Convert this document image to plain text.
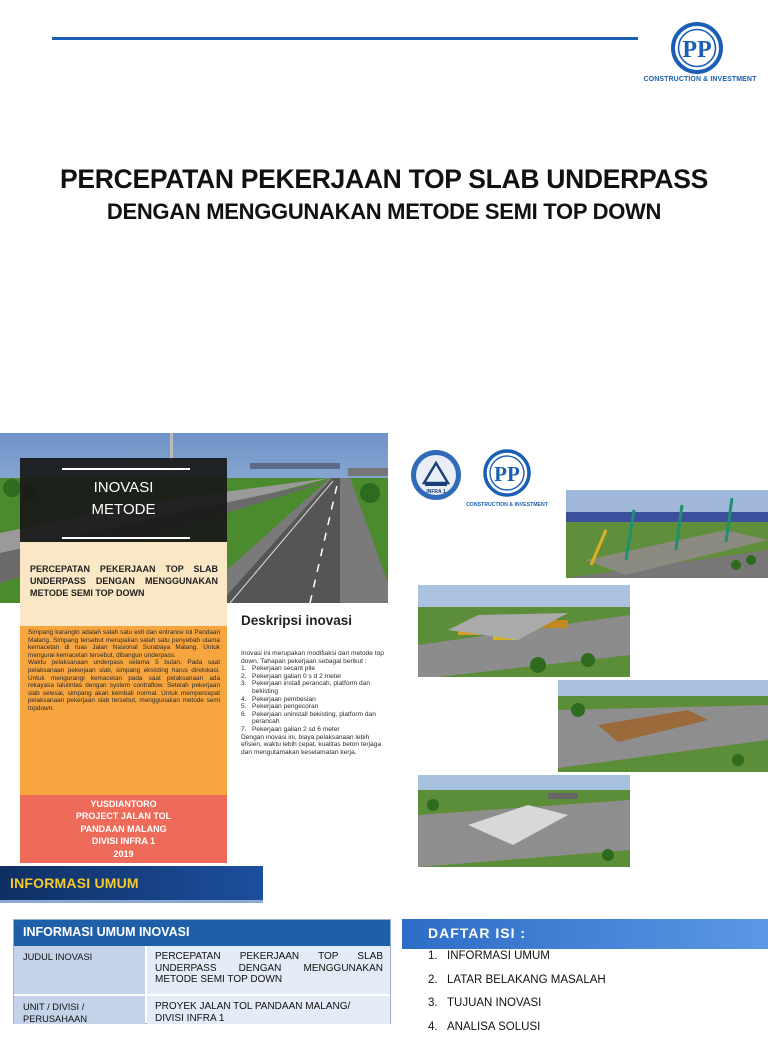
PP
CONSTRUCTION & INVESTMENT
PERCEPATAN PEKERJAAN TOP SLAB UNDERPASS
DENGAN MENGGUNAKAN METODE SEMI TOP DOWN
INOVASI
METODE
PERCEPATAN PEKERJAAN TOP SLAB UNDERPASS DENGAN MENGGUNAKAN METODE SEMI TOP DOWN

Simpang karanglo adalah salah satu exit dan entrance tol Pandaan Malang. Simpang tersebut merupakan salah satu penyebab utama kemacetan di ruas Jalan Nasional Surabaya Malang. Untuk mengurai kemacetan tersebut, dibangun underpass.

Waktu pelaksanaan underpass selama 5 bulan. Pada saat pelaksanaan pekerjaan slab, simpang eksisting harus direlokasi. Untuk mengurangi kemacetan pada saat pelaksanaan ada rekayasa lalulintas dengan system contraflow. Setelah pekerjaan slab selesai, simpang akan kembali normal. Untuk mempercepat pelaksanaan pekerjaan slab tersebut, menggunakan metode semi topdown.

YUSDIANTORO
PROJECT JALAN TOL
PANDAAN MALANG
DIVISI INFRA 1
2019
Deskripsi inovasi
Inovasi ini merupakan modifiaksi dari metode top down. Tahapan pekerjaan sebagai berikut :
1. Pekerjaan secant pile
2. Pekerjaan galian 0 s d 2 meter
3. Pekerjaan install perancah, platform dan bekisting
4. Pekerjaan pembesian
5. Pekerjaan pengecoran
6. Pekerjaan uninstall bekisting, platform dan perancah
7. Pekerjaan galian 2 sd 6 meter
Dengan inovasi ini, biaya pelaksanaan lebih efisien, waktu lebih cepat, kualitas beton terjaga dan mengutamakan keselamatan kerja.
INFRA 1
PP
CONSTRUCTION & INVESTMENT
INFORMASI UMUM
INFORMASI UMUM INOVASI
JUDUL INOVASI	PERCEPATAN PEKERJAAN TOP SLAB UNDERPASS DENGAN MENGGUNAKAN METODE SEMI TOP DOWN
UNIT / DIVISI /
PERUSAHAAN
PROYEK JALAN TOL PANDAAN MALANG/
DIVISI INFRA 1
DAFTAR ISI :
1. INFORMASI UMUM
2. LATAR BELAKANG MASALAH
3. TUJUAN INOVASI
4. ANALISA SOLUSI
